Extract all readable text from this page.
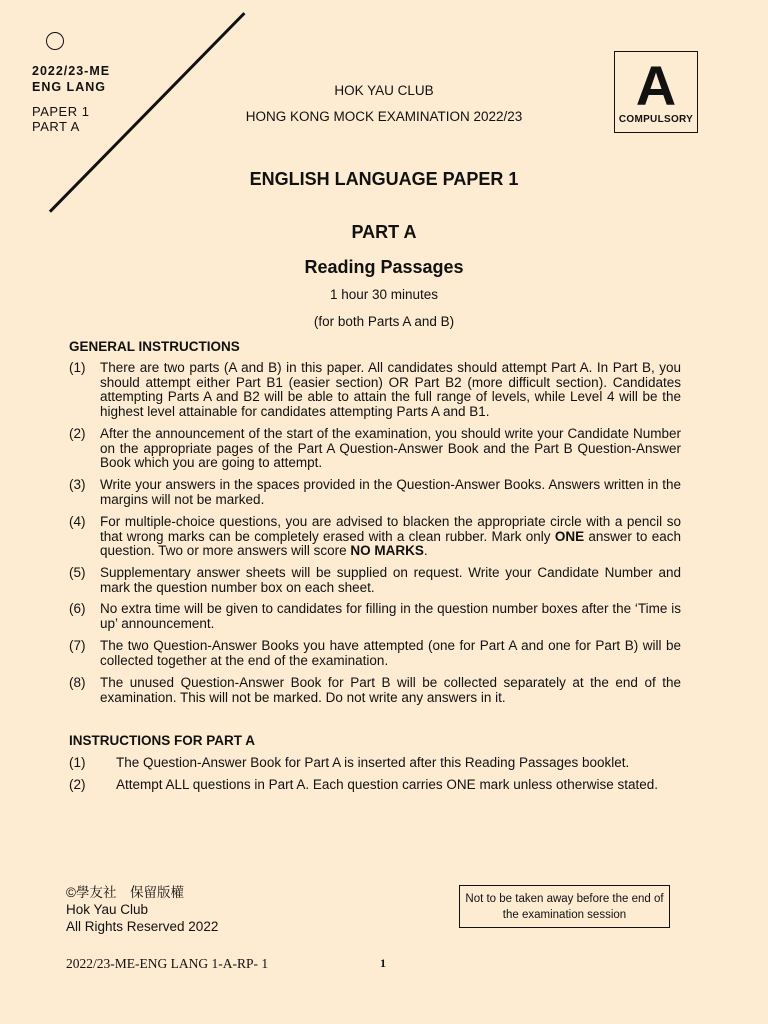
2022/23-ME
ENG LANG
PAPER 1
PART A
HOK YAU CLUB
HONG KONG MOCK EXAMINATION 2022/23	A
COMPULSORY
ENGLISH LANGUAGE PAPER 1
PART A
Reading Passages
1 hour 30 minutes
(for both Parts A and B)
GENERAL INSTRUCTIONS
(1)	There are two parts (A and B) in this paper. All candidates should attempt Part A. In Part B, you should attempt either Part B1 (easier section) OR Part B2 (more difficult section). Candidates attempting Parts A and B2 will be able to attain the full range of levels, while Level 4 will be the highest level attainable for candidates attempting Parts A and B1.
(2)	After the announcement of the start of the examination, you should write your Candidate Number on the appropriate pages of the Part A Question-Answer Book and the Part B Question-Answer Book which you are going to attempt.
(3)	Write your answers in the spaces provided in the Question-Answer Books. Answers written in the margins will not be marked.
(4)	For multiple-choice questions, you are advised to blacken the appropriate circle with a pencil so that wrong marks can be completely erased with a clean rubber. Mark only ONE answer to each question. Two or more answers will score NO MARKS.
(5)	Supplementary answer sheets will be supplied on request. Write your Candidate Number and mark the question number box on each sheet.
(6)	No extra time will be given to candidates for filling in the question number boxes after the ‘Time is up’ announcement.
(7)	The two Question-Answer Books you have attempted (one for Part A and one for Part B) will be collected together at the end of the examination.
(8)	The unused Question-Answer Book for Part B will be collected separately at the end of the examination. This will not be marked. Do not write any answers in it.
INSTRUCTIONS FOR PART A
(1)	The Question-Answer Book for Part A is inserted after this Reading Passages booklet.
(2)	Attempt ALL questions in Part A. Each question carries ONE mark unless otherwise stated.
©學友社　保留版權
Hok Yau Club
All Rights Reserved 2022
Not to be taken away before the end of the examination session
2022/23-ME-ENG LANG 1-A-RP- 1	1
